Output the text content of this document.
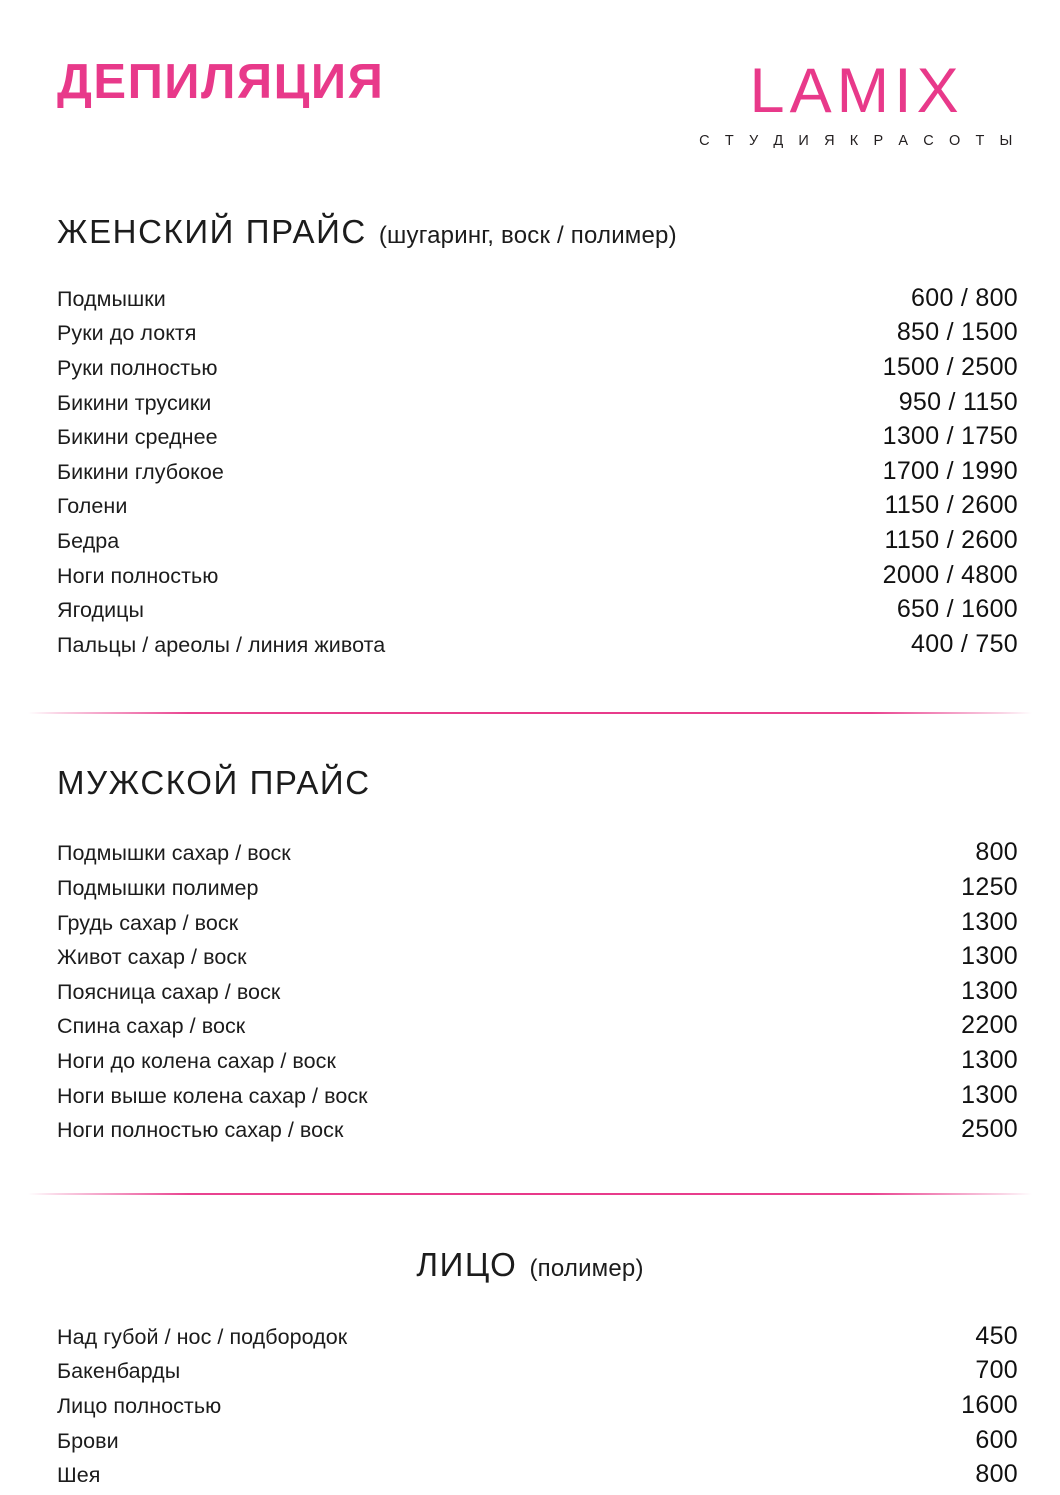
ДЕПИЛЯЦИЯ	LAMIX
С Т У Д И Я К Р А С О Т Ы
ЖЕНСКИЙ ПРАЙС (шугаринг, воск / полимер)
Подмышки	600 / 800
Руки до локтя	850 / 1500
Руки полностью	1500 / 2500
Бикини трусики	950 / 1150
Бикини среднее	1300 / 1750
Бикини глубокое	1700 / 1990
Голени	1150 / 2600
Бедра	1150 / 2600
Ноги полностью	2000 / 4800
Ягодицы	650 / 1600
Пальцы / ареолы / линия живота	400 / 750
МУЖСКОЙ ПРАЙС
Подмышки сахар / воск	800
Подмышки полимер	1250
Грудь сахар / воск	1300
Живот сахар / воск	1300
Поясница сахар / воск	1300
Спина сахар / воск	2200
Ноги до колена сахар / воск	1300
Ноги выше колена сахар / воск	1300
Ноги полностью сахар / воск	2500
ЛИЦО (полимер)
Над губой / нос / подбородок	450
Бакенбарды	700
Лицо полностью	1600
Брови	600
Шея	800
